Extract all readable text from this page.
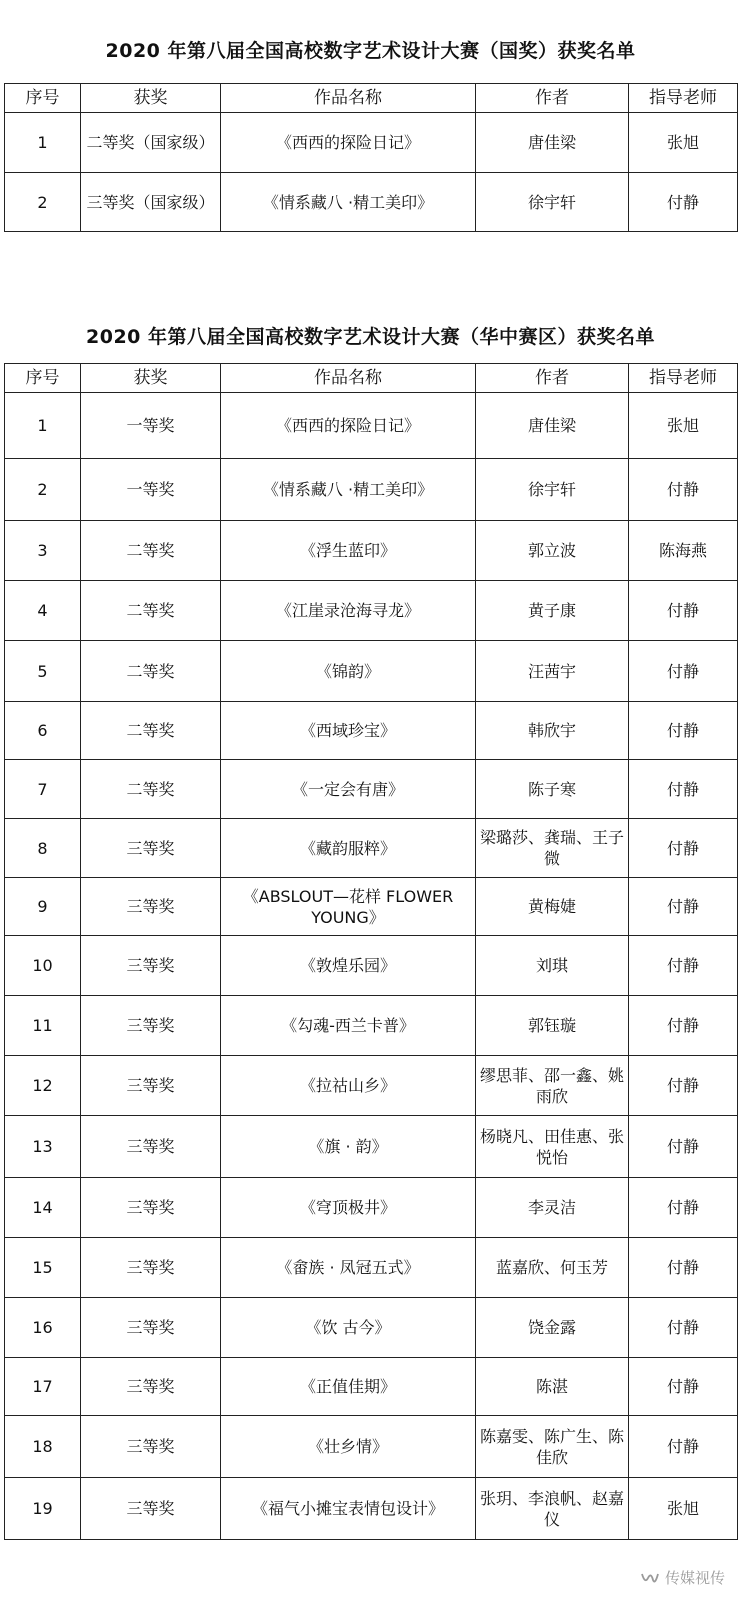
2020 年第八届全国高校数字艺术设计大赛（国奖）获奖名单
序号	获奖	作品名称	作者	指导老师
1	二等奖（国家级）	《西西的探险日记》	唐佳梁	张旭
2	三等奖（国家级）	《情系藏八 ·精工美印》	徐宇轩	付静
2020 年第八届全国高校数字艺术设计大赛（华中赛区）获奖名单
序号	获奖	作品名称	作者	指导老师
1	一等奖	《西西的探险日记》	唐佳梁	张旭
2	一等奖	《情系藏八 ·精工美印》	徐宇轩	付静
3	二等奖	《浮生蓝印》	郭立波	陈海燕
4	二等奖	《江崖录沧海寻龙》	黄子康	付静
5	二等奖	《锦韵》	汪茜宇	付静
6	二等奖	《西域珍宝》	韩欣宇	付静
7	二等奖	《一定会有唐》	陈子寒	付静
8	三等奖	《藏韵服粹》	梁璐莎、龚瑞、王子微	付静
9	三等奖	《ABSLOUT—花样 FLOWER YOUNG》	黄梅婕	付静
10	三等奖	《敦煌乐园》	刘琪	付静
11	三等奖	《勾魂-西兰卡普》	郭钰璇	付静
12	三等奖	《拉祜山乡》	缪思菲、邵一鑫、姚雨欣	付静
13	三等奖	《旗 · 韵》	杨晓凡、田佳惠、张悦怡	付静
14	三等奖	《穹顶极井》	李灵洁	付静
15	三等奖	《畲族 · 凤冠五式》	蓝嘉欣、何玉芳	付静
16	三等奖	《饮 古今》	饶金露	付静
17	三等奖	《正值佳期》	陈湛	付静
18	三等奖	《壮乡情》	陈嘉雯、陈广生、陈佳欣	付静
19	三等奖	《福气小摊宝表情包设计》	张玥、李浪帆、赵嘉仪	张旭
传媒视传
